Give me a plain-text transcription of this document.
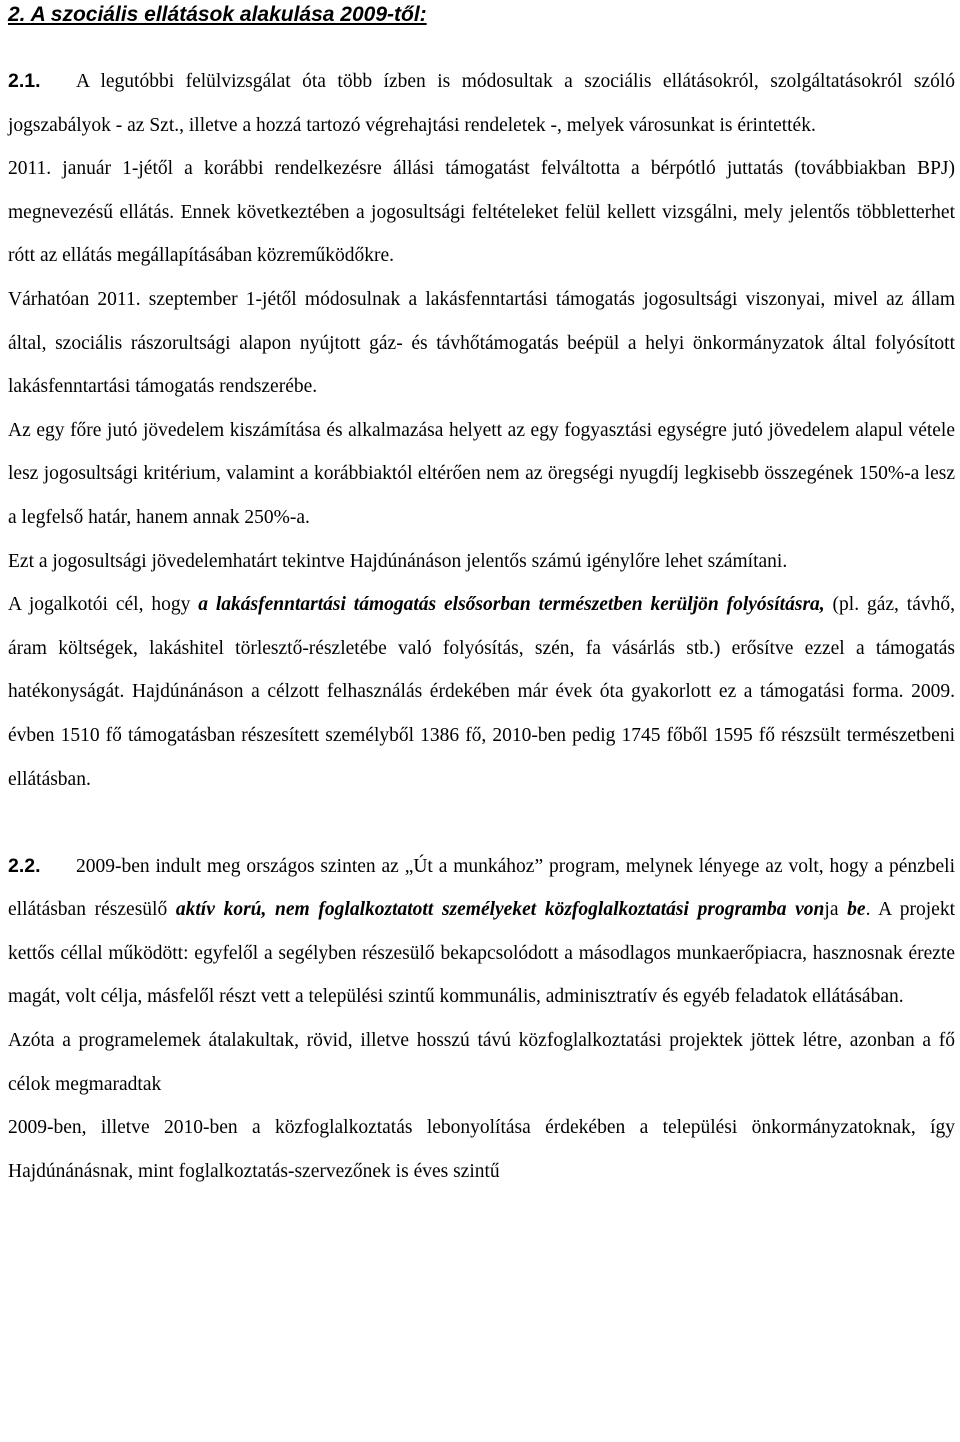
2. A szociális ellátások alakulása 2009-től:

2.1. A legutóbbi felülvizsgálat óta több ízben is módosultak a szociális ellátásokról, szolgáltatásokról szóló jogszabályok - az Szt., illetve a hozzá tartozó végrehajtási rendeletek -, melyek városunkat is érintették.

2011. január 1-jétől a korábbi rendelkezésre állási támogatást felváltotta a bérpótló juttatás (továbbiakban BPJ) megnevezésű ellátás. Ennek következtében a jogosultsági feltételeket felül kellett vizsgálni, mely jelentős többletterhet rótt az ellátás megállapításában közreműködőkre.

Várhatóan 2011. szeptember 1-jétől módosulnak a lakásfenntartási támogatás jogosultsági viszonyai, mivel az állam által, szociális rászorultsági alapon nyújtott gáz- és távhőtámogatás beépül a helyi önkormányzatok által folyósított lakásfenntartási támogatás rendszerébe.

Az egy főre jutó jövedelem kiszámítása és alkalmazása helyett az egy fogyasztási egységre jutó jövedelem alapul vétele lesz jogosultsági kritérium, valamint a korábbiaktól eltérően nem az öregségi nyugdíj legkisebb összegének 150%-a lesz a legfelső határ, hanem annak 250%-a.

Ezt a jogosultsági jövedelemhatárt tekintve Hajdúnánáson jelentős számú igénylőre lehet számítani.

A jogalkotói cél, hogy a lakásfenntartási támogatás elsősorban természetben kerüljön folyósításra, (pl. gáz, távhő, áram költségek, lakáshitel törlesztő-részletébe való folyósítás, szén, fa vásárlás stb.) erősítve ezzel a támogatás hatékonyságát. Hajdúnánáson a célzott felhasználás érdekében már évek óta gyakorlott ez a támogatási forma. 2009. évben 1510 fő támogatásban részesített személyből 1386 fő, 2010-ben pedig 1745 főből 1595 fő részsült természetbeni ellátásban.

2.2. 2009-ben indult meg országos szinten az „Út a munkához” program, melynek lényege az volt, hogy a pénzbeli ellátásban részesülő aktív korú, nem foglalkoztatott személyeket közfoglalkoztatási programba vonja be. A projekt kettős céllal működött: egyfelől a segélyben részesülő bekapcsolódott a másodlagos munkaerőpiacra, hasznosnak érezte magát, volt célja, másfelől részt vett a települési szintű kommunális, adminisztratív és egyéb feladatok ellátásában.

Azóta a programelemek átalakultak, rövid, illetve hosszú távú közfoglalkoztatási projektek jöttek létre, azonban a fő célok megmaradtak

2009-ben, illetve 2010-ben a közfoglalkoztatás lebonyolítása érdekében a települési önkormányzatoknak, így Hajdúnánásnak, mint foglalkoztatás-szervezőnek is éves szintű
